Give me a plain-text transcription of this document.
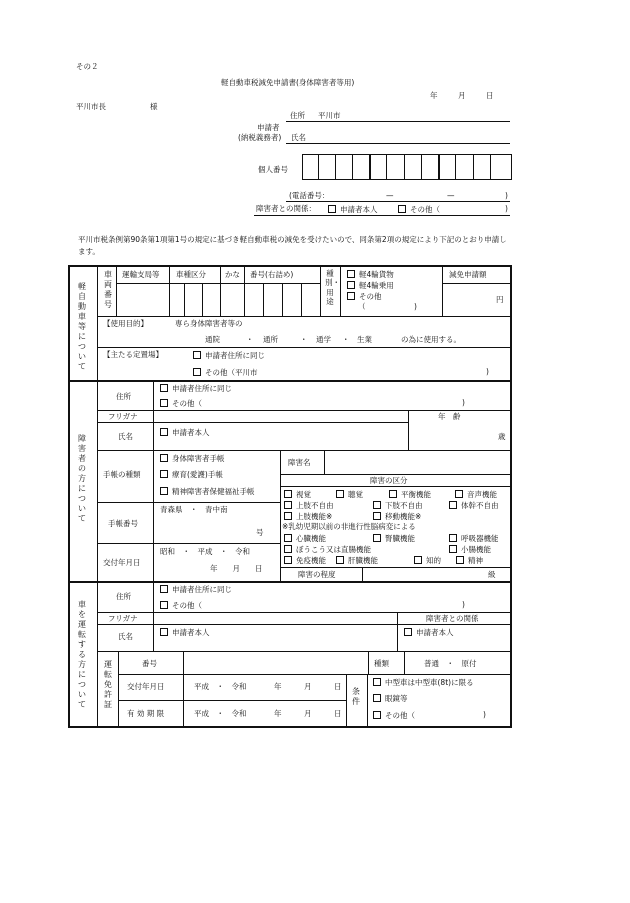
その２
軽自動車税減免申請書(身体障害者等用)
年	月	日
平川市長	様
住所 平川市
申請者
(納税義務者) 氏名
個人番号
(電話番号：	—	—	)
障害者との関係：	申請者本人	その他（	)
平川市税条例第90条第1項第1号の規定に基づき軽自動車税の減免を受けたいので、同条第2項の規定により下記のとおり申請します。
軽自動車等について
車両番号
運輸支局等 車種区分	かな 番号(右詰め)	種別・用途
軽4輪貨物
軽4輪乗用
その他
（	)
減免申請額
円
【使用目的】	専ら身体障害者等の
通院	・ 通所	・ 通学 ・ 生業	の為に使用する。
【主たる定置場】	申請者住所に同じ
その他（平川市	)
障害者の方について
住所
申請者住所に同じ
その他（	)
フリガナ	年　齢
氏名	申請者本人	歳
手帳の種類
身体障害者手帳
療育(愛護)手帳
精神障害者保健福祉手帳
障害名
障害の区分
視覚	聴覚	平衡機能	音声機能
上肢不自由	下肢不自由	体幹不自由
上肢機能※	移動機能※
※乳幼児期以前の非進行性脳病変による
心臓機能	腎臓機能	呼吸器機能
ぼうこう又は直腸機能	小腸機能
免疫機能	肝臓機能	知的	精神
手帳番号
青森県　・　青中南
号
交付年月日
昭和　・　平成　・　令和
年　　月　　日
障害の程度	級
車を運転する方について
住所
申請者住所に同じ
その他（	)
フリガナ	障害者との関係
氏名	申請者本人	申請者本人
運転免許証
番号	種類	普通　・　原付
交付年月日	平成　・　令和	年　　　月　　　日
有 効 期 限	平成　・　令和	年　　　月　　　日
条件
中型車は中型車(8t)に限る
眼鏡等
その他（	)
